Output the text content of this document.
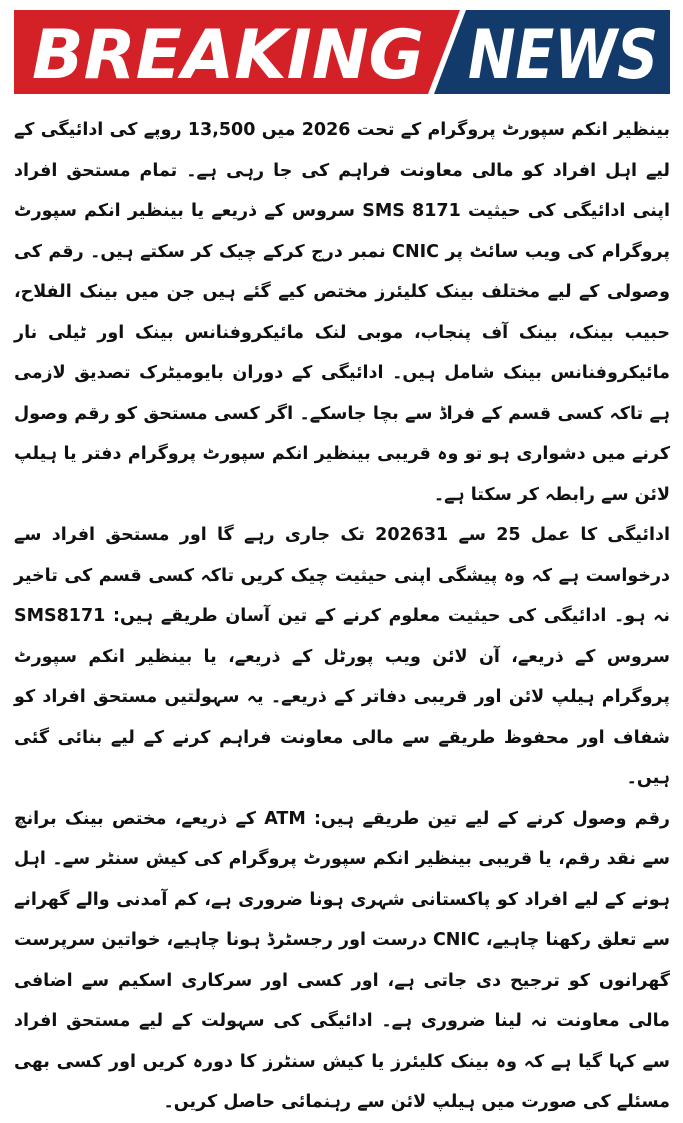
BREAKING NEWS

بینظیر انکم سپورٹ پروگرام کے تحت 2026 میں 13,500 روپے کی ادائیگی کے لیے اہل افراد کو مالی معاونت فراہم کی جا رہی ہے۔ تمام مستحق افراد اپنی ادائیگی کی حیثیت 8171 SMS سروس کے ذریعے یا بینظیر انکم سپورٹ پروگرام کی ویب سائٹ پر CNIC نمبر درج کرکے چیک کر سکتے ہیں۔ رقم کی وصولی کے لیے مختلف بینک کلیئرز مختص کیے گئے ہیں جن میں بینک الفلاح، حبیب بینک، بینک آف پنجاب، موبی لنک مائیکروفنانس بینک اور ٹیلی نار مائیکروفنانس بینک شامل ہیں۔ ادائیگی کے دوران بایومیٹرک تصدیق لازمی ہے تاکہ کسی قسم کے فراڈ سے بچا جاسکے۔ اگر کسی مستحق کو رقم وصول کرنے میں دشواری ہو تو وہ قریبی بینظیر انکم سپورٹ پروگرام دفتر یا ہیلپ لائن سے رابطہ کر سکتا ہے۔

ادائیگی کا عمل 25 سے 202631 تک جاری رہے گا اور مستحق افراد سے درخواست ہے کہ وہ پیشگی اپنی حیثیت چیک کریں تاکہ کسی قسم کی تاخیر نہ ہو۔ ادائیگی کی حیثیت معلوم کرنے کے تین آسان طریقے ہیں: SMS8171 سروس کے ذریعے، آن لائن ویب پورٹل کے ذریعے، یا بینظیر انکم سپورٹ پروگرام ہیلپ لائن اور قریبی دفاتر کے ذریعے۔ یہ سہولتیں مستحق افراد کو شفاف اور محفوظ طریقے سے مالی معاونت فراہم کرنے کے لیے بنائی گئی ہیں۔

رقم وصول کرنے کے لیے تین طریقے ہیں: ATM کے ذریعے، مختص بینک برانچ سے نقد رقم، یا قریبی بینظیر انکم سپورٹ پروگرام کی کیش سنٹر سے۔ اہل ہونے کے لیے افراد کو پاکستانی شہری ہونا ضروری ہے، کم آمدنی والے گھرانے سے تعلق رکھنا چاہیے، CNIC درست اور رجسٹرڈ ہونا چاہیے، خواتین سرپرست گھرانوں کو ترجیح دی جاتی ہے، اور کسی اور سرکاری اسکیم سے اضافی مالی معاونت نہ لینا ضروری ہے۔ ادائیگی کی سہولت کے لیے مستحق افراد سے کہا گیا ہے کہ وہ بینک کلیئرز یا کیش سنٹرز کا دورہ کریں اور کسی بھی مسئلے کی صورت میں ہیلپ لائن سے رہنمائی حاصل کریں۔
